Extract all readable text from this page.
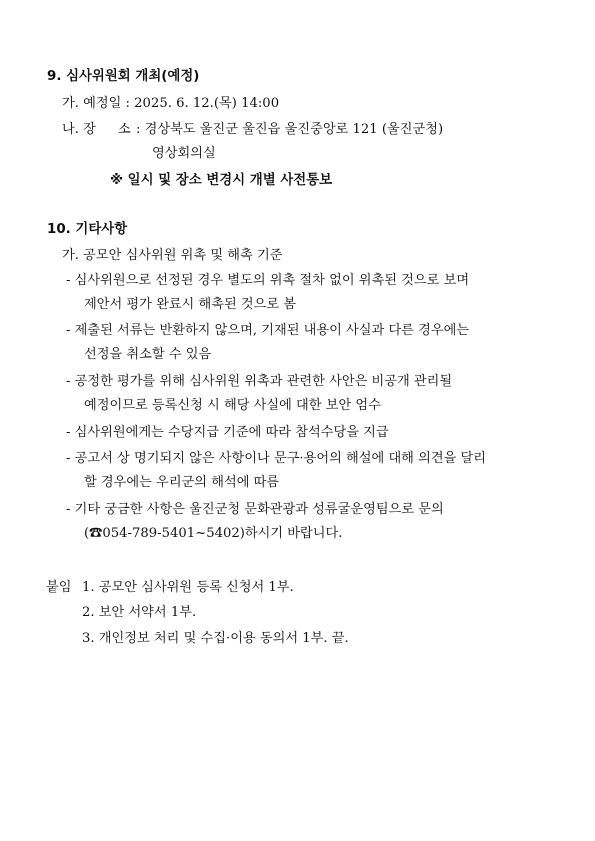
9. 심사위원회 개최(예정)
가. 예정일 : 2025. 6. 12.(목) 14:00
나. 장 소 : 경상북도 울진군 울진읍 울진중앙로 121 (울진군청)
영상회의실
※ 일시 및 장소 변경시 개별 사전통보
10. 기타사항
가. 공모안 심사위원 위촉 및 해촉 기준
- 심사위원으로 선정된 경우 별도의 위촉 절차 없이 위촉된 것으로 보며
제안서 평가 완료시 해촉된 것으로 봄
- 제출된 서류는 반환하지 않으며, 기재된 내용이 사실과 다른 경우에는
선정을 취소할 수 있음
- 공정한 평가를 위해 심사위원 위촉과 관련한 사안은 비공개 관리될
예정이므로 등록신청 시 해당 사실에 대한 보안 엄수
- 심사위원에게는 수당지급 기준에 따라 참석수당을 지급
- 공고서 상 명기되지 않은 사항이나 문구·용어의 해설에 대해 의견을 달리
할 경우에는 우리군의 해석에 따름
- 기타 궁금한 사항은 울진군청 문화관광과 성류굴운영팀으로 문의
(☎054-789-5401~5402)하시기 바랍니다.
붙임 1. 공모안 심사위원 등록 신청서 1부.
2. 보안 서약서 1부.
3. 개인정보 처리 및 수집·이용 동의서 1부. 끝.
